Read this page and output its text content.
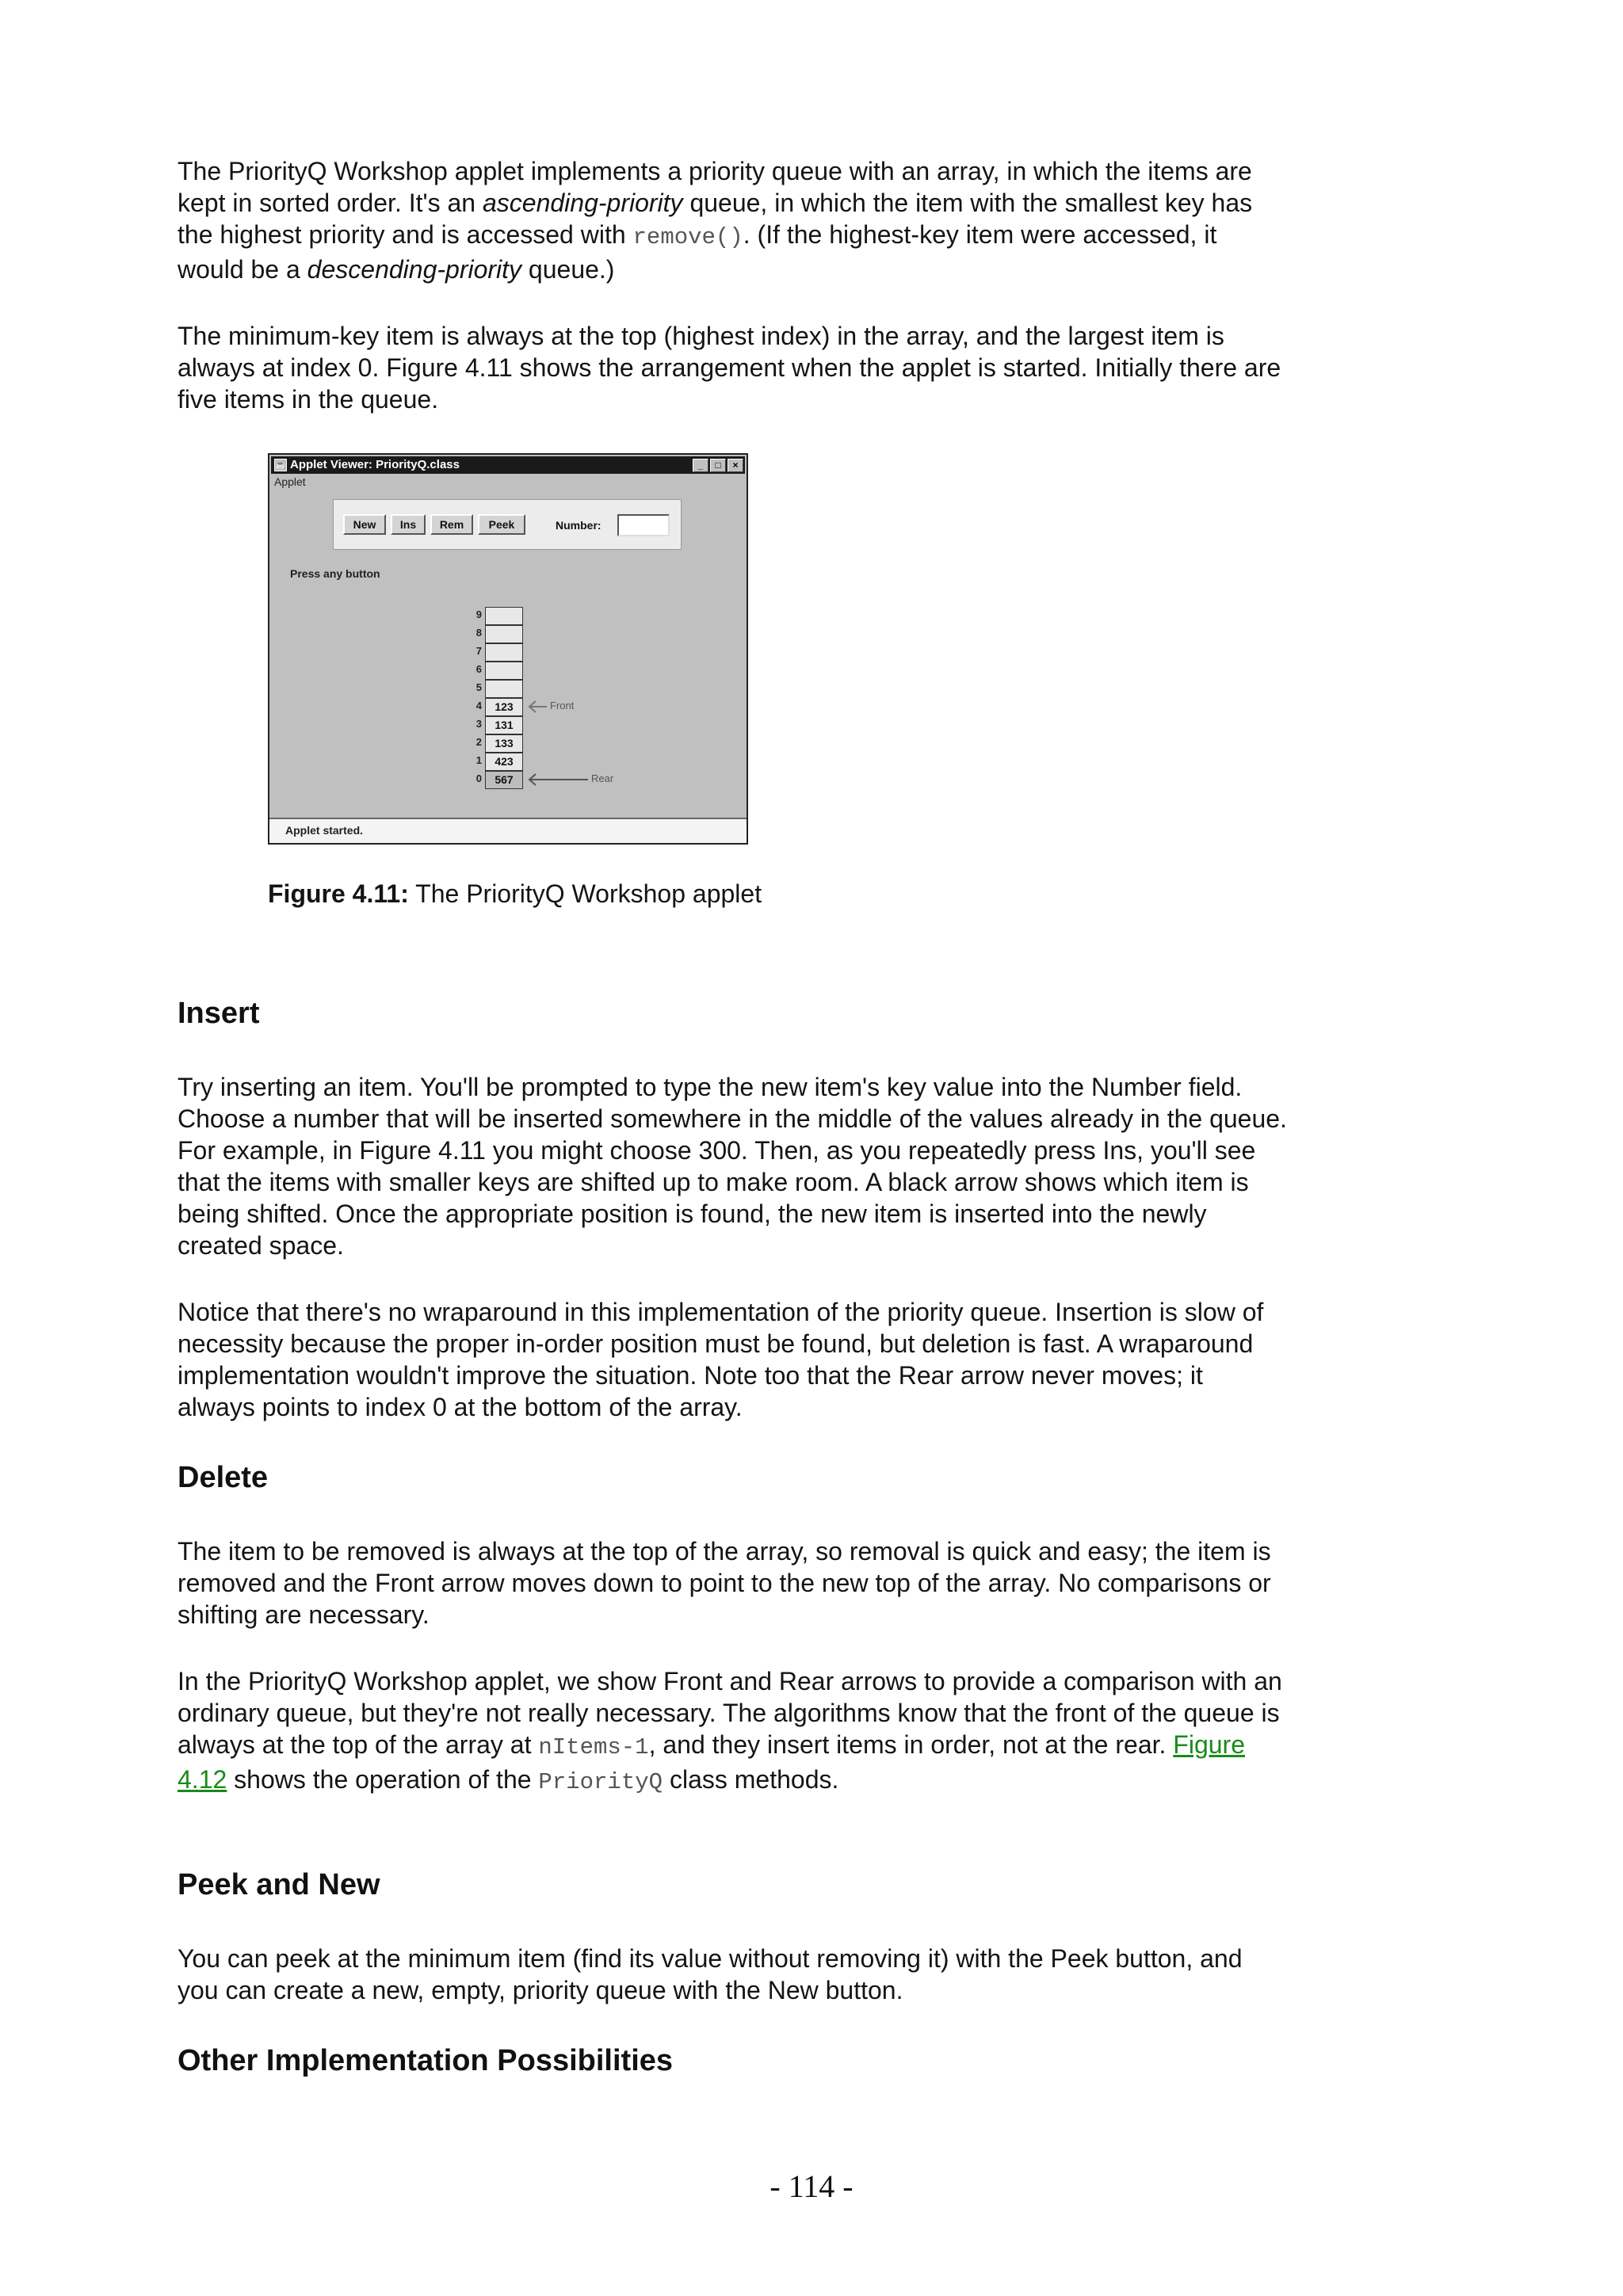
The PriorityQ Workshop applet implements a priority queue with an array, in which the items are kept in sorted order. It's an ascending-priority queue, in which the item with the smallest key has the highest priority and is accessed with remove(). (If the highest-key item were accessed, it would be a descending-priority queue.)

The minimum-key item is always at the top (highest index) in the array, and the largest item is always at index 0. Figure 4.11 shows the arrangement when the applet is started. Initially there are five items in the queue.

☕ Applet Viewer: PriorityQ.class	_	□	×
Applet
New	Ins	Rem	Peek	Number:
Press any button
9
8
7
6
5
4	123
3	131
2	133
1	423
0	567
Front
Rear
Applet started.
Figure 4.11: The PriorityQ Workshop applet
Insert

Try inserting an item. You'll be prompted to type the new item's key value into the Number field. Choose a number that will be inserted somewhere in the middle of the values already in the queue. For example, in Figure 4.11 you might choose 300. Then, as you repeatedly press Ins, you'll see that the items with smaller keys are shifted up to make room. A black arrow shows which item is being shifted. Once the appropriate position is found, the new item is inserted into the newly created space.

Notice that there's no wraparound in this implementation of the priority queue. Insertion is slow of necessity because the proper in-order position must be found, but deletion is fast. A wraparound implementation wouldn't improve the situation. Note too that the Rear arrow never moves; it always points to index 0 at the bottom of the array.

Delete

The item to be removed is always at the top of the array, so removal is quick and easy; the item is removed and the Front arrow moves down to point to the new top of the array. No comparisons or shifting are necessary.

In the PriorityQ Workshop applet, we show Front and Rear arrows to provide a comparison with an ordinary queue, but they're not really necessary. The algorithms know that the front of the queue is always at the top of the array at nItems-1, and they insert items in order, not at the rear. Figure 4.12 shows the operation of the PriorityQ class methods.

Peek and New

You can peek at the minimum item (find its value without removing it) with the Peek button, and you can create a new, empty, priority queue with the New button.

Other Implementation Possibilities
- 114 -
